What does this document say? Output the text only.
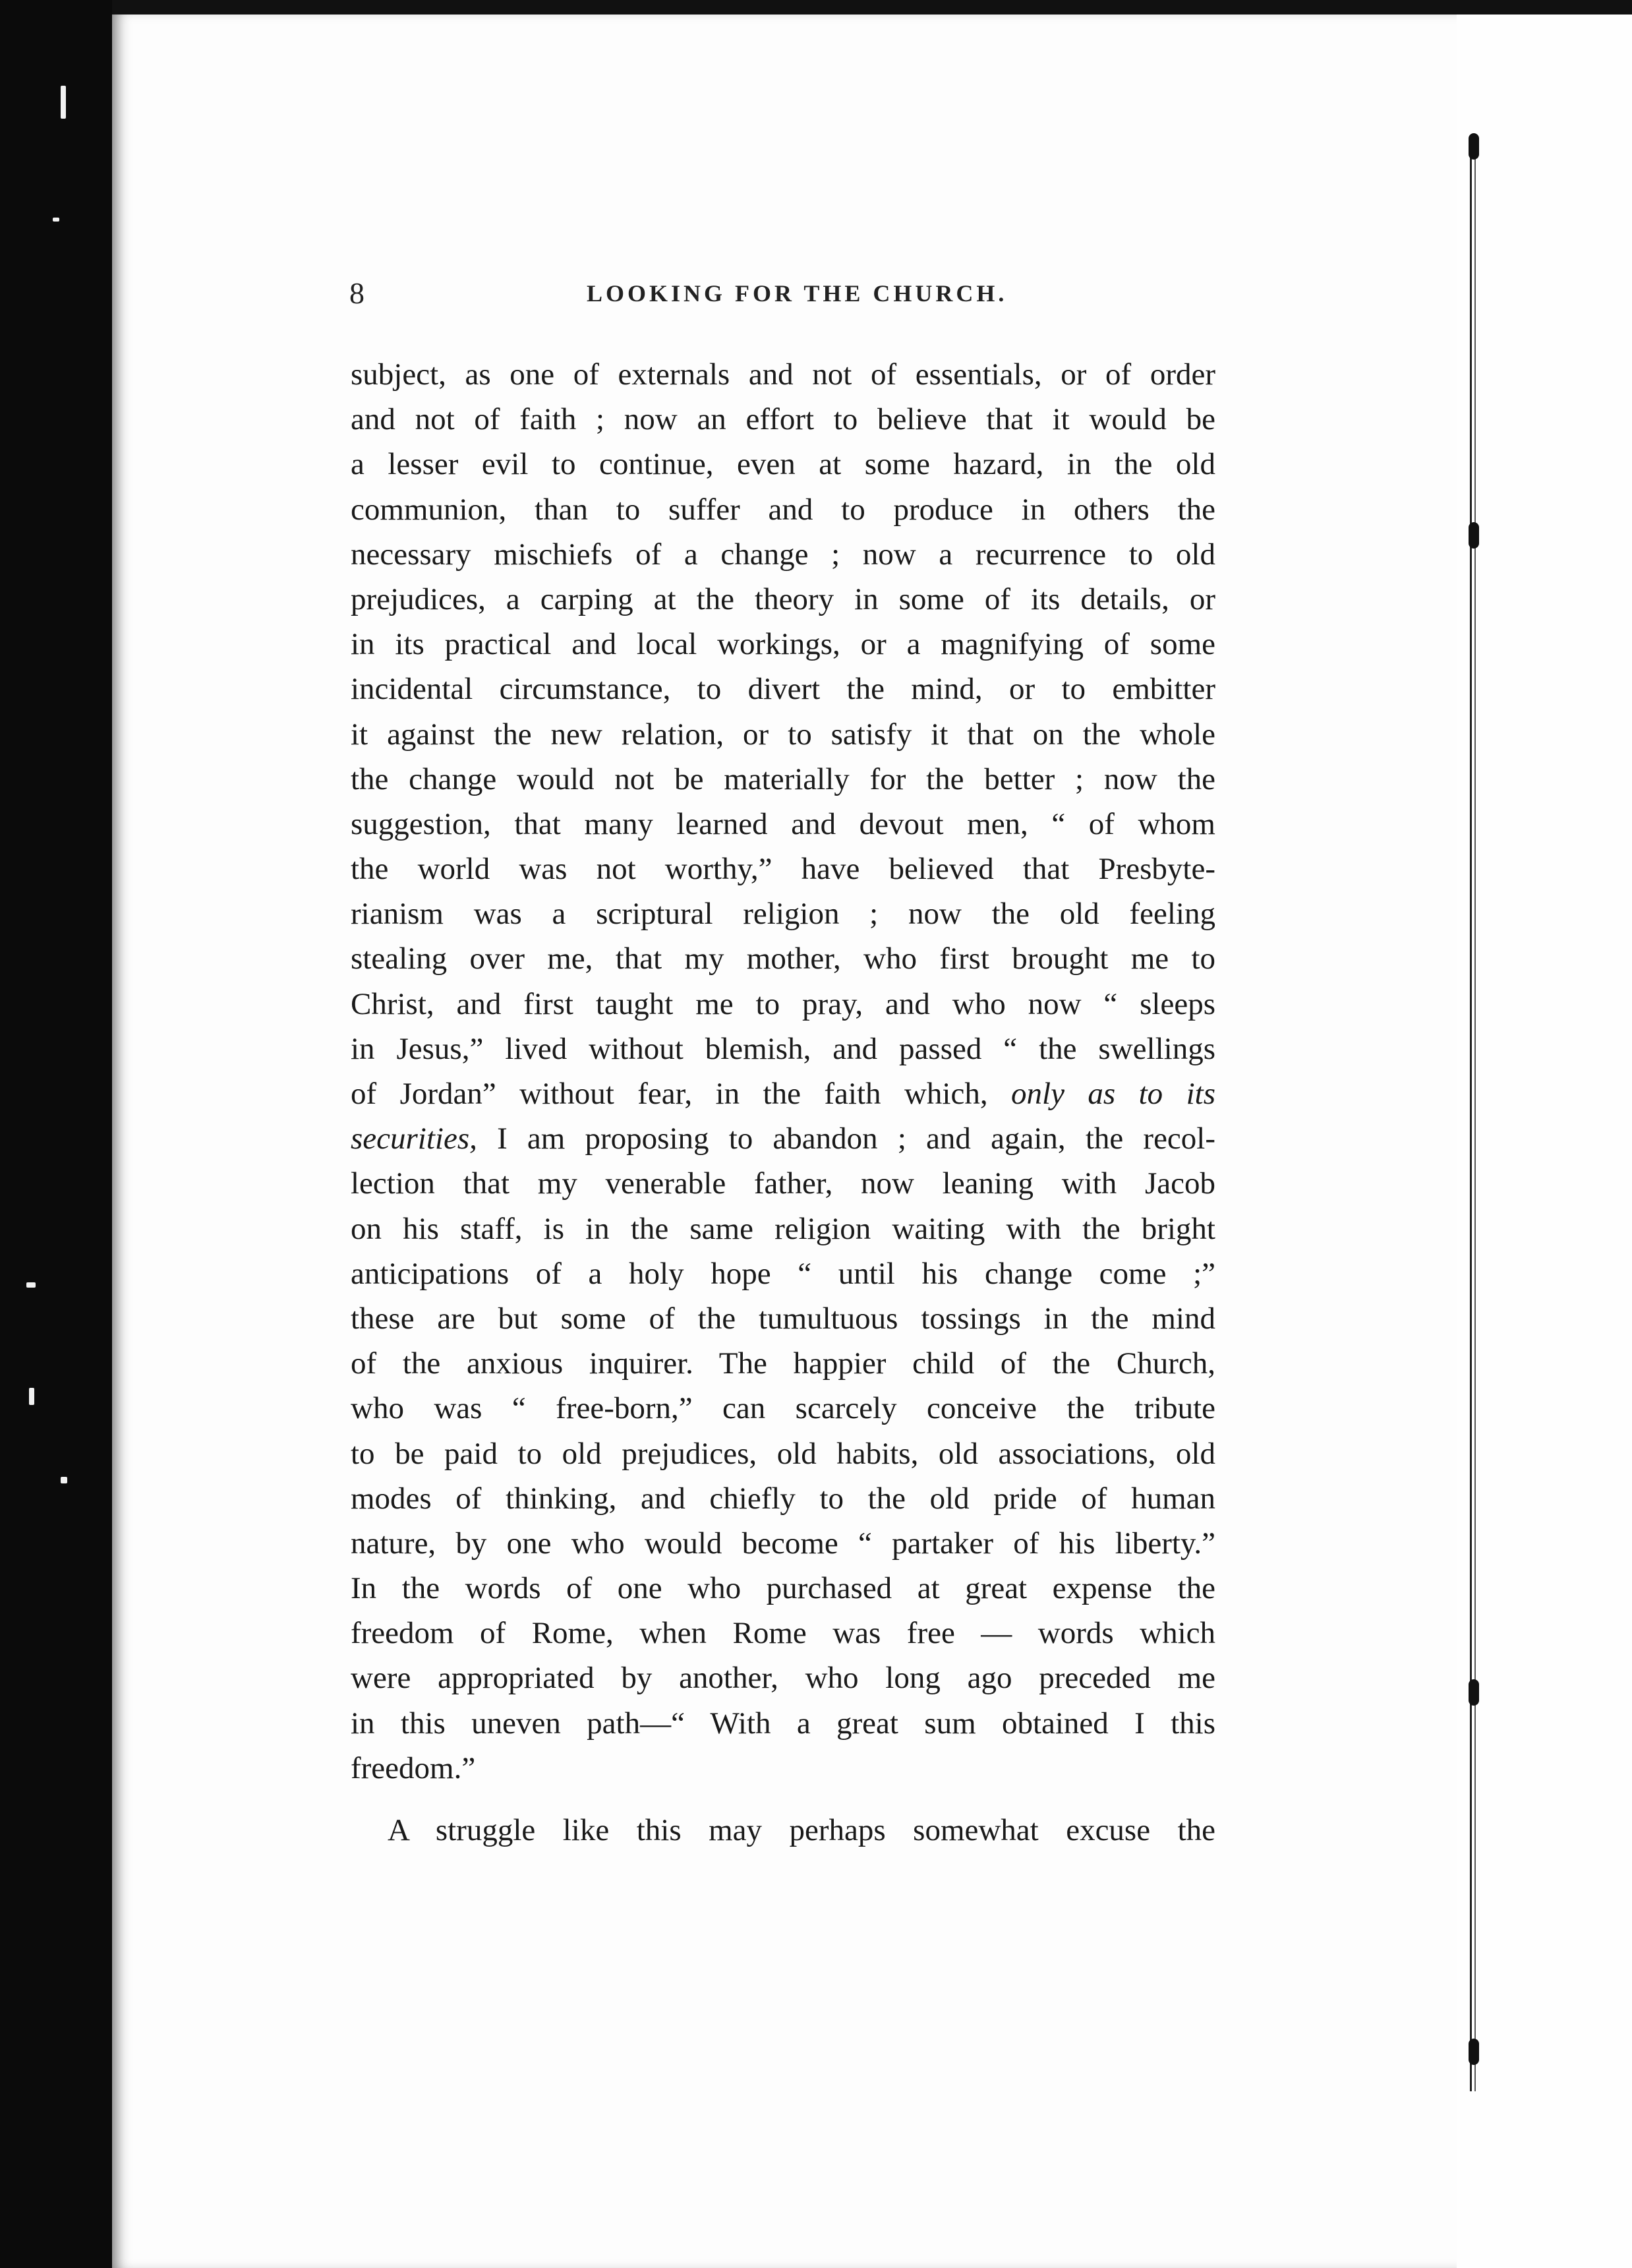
8	LOOKING FOR THE CHURCH.
subject, as one of externals and not of essentials, or of order
and not of faith ; now an effort to believe that it would be
a lesser evil to continue, even at some hazard, in the old
communion, than to suffer and to produce in others the
necessary mischiefs of a change ; now a recurrence to old
prejudices, a carping at the theory in some of its details, or
in its practical and local workings, or a magnifying of some
incidental circumstance, to divert the mind, or to embitter
it against the new relation, or to satisfy it that on the whole
the change would not be materially for the better ; now the
suggestion, that many learned and devout men, “ of whom
the world was not worthy,” have believed that Presbyte-
rianism was a scriptural religion ; now the old feeling
stealing over me, that my mother, who first brought me to
Christ, and first taught me to pray, and who now “ sleeps
in Jesus,” lived without blemish, and passed “ the swellings
of Jordan” without fear, in the faith which, only as to its
securities, I am proposing to abandon ; and again, the recol-
lection that my venerable father, now leaning with Jacob
on his staff, is in the same religion waiting with the bright
anticipations of a holy hope “ until his change come ;”
these are but some of the tumultuous tossings in the mind
of the anxious inquirer. The happier child of the Church,
who was “ free-born,” can scarcely conceive the tribute
to be paid to old prejudices, old habits, old associations, old
modes of thinking, and chiefly to the old pride of human
nature, by one who would become “ partaker of his liberty.”
In the words of one who purchased at great expense the
freedom of Rome, when Rome was free — words which
were appropriated by another, who long ago preceded me
in this uneven path—“ With a great sum obtained I this
freedom.”
A struggle like this may perhaps somewhat excuse the
